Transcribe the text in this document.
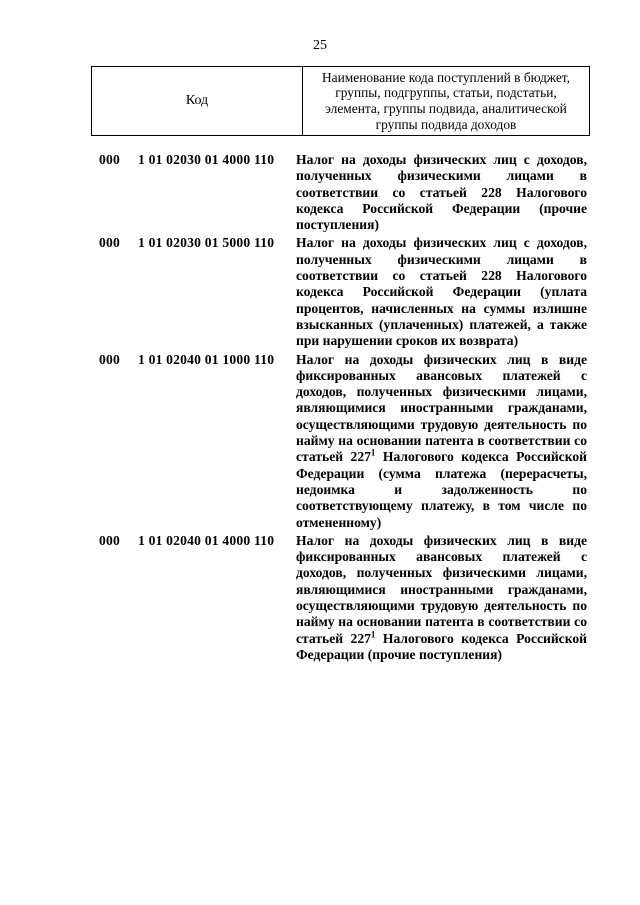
25
Код
Наименование кода поступлений в бюджет, группы, подгруппы, статьи, подстатьи, элемента, группы подвида, аналитической группы подвида доходов
000 1 01 02030 01 4000 110 Налог на доходы физических лиц с доходов, полученных физическими лицами в соответствии со статьей 228 Налогового кодекса Российской Федерации (прочие поступления)
000 1 01 02030 01 5000 110 Налог на доходы физических лиц с доходов, полученных физическими лицами в соответствии со статьей 228 Налогового кодекса Российской Федерации (уплата процентов, начисленных на суммы излишне взысканных (уплаченных) платежей, а также при нарушении сроков их возврата)
000 1 01 02040 01 1000 110 Налог на доходы физических лиц в виде фиксированных авансовых платежей с доходов, полученных физическими лицами, являющимися иностранными гражданами, осуществляющими трудовую деятельность по найму на основании патента в соответствии со статьей $227^1$ Налогового кодекса Российской Федерации (сумма платежа (перерасчеты, недоимка и задолженность по соответствующему платежу, в том числе по отмененному)
000 1 01 02040 01 4000 110 Налог на доходы физических лиц в виде фиксированных авансовых платежей с доходов, полученных физическими лицами, являющимися иностранными гражданами, осуществляющими трудовую деятельность по найму на основании патента в соответствии со статьей $227^1$ Налогового кодекса Российской Федерации (прочие поступления)
